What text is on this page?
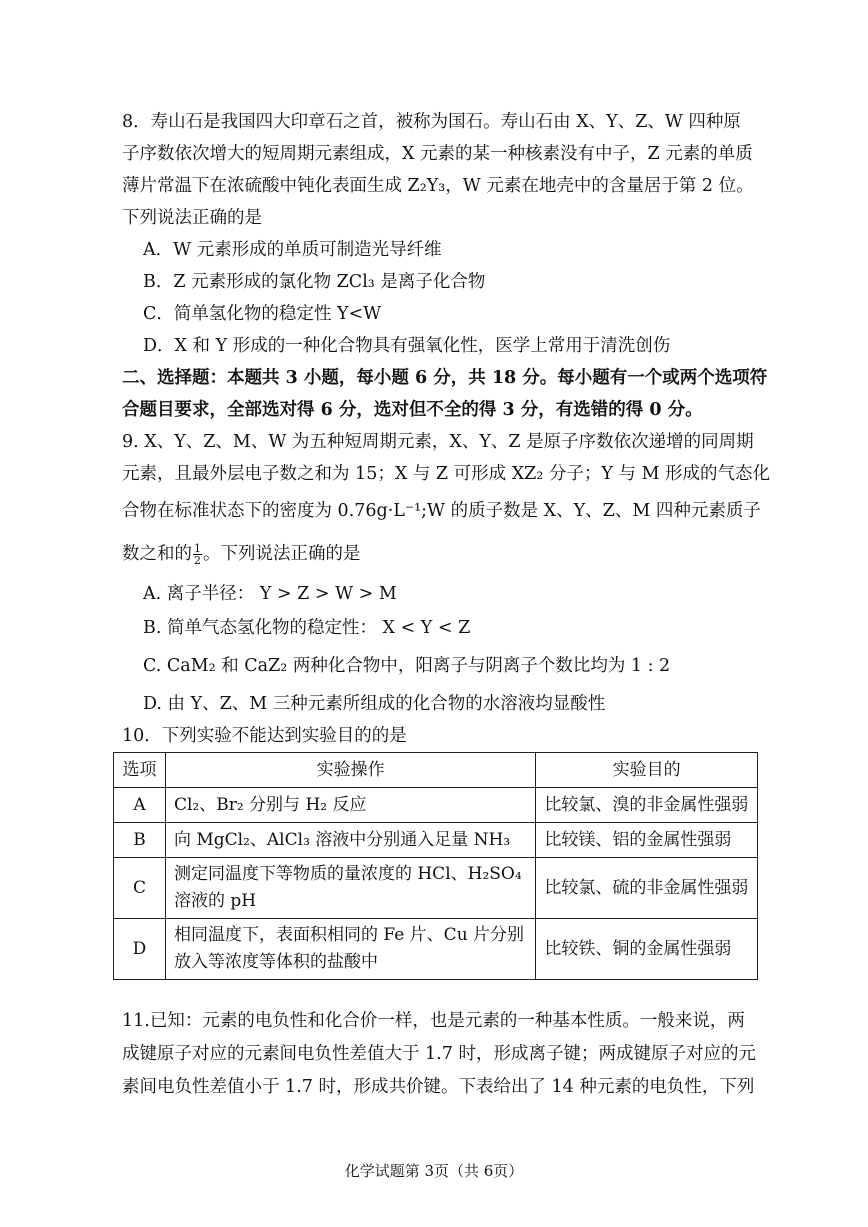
8．寿山石是我国四大印章石之首，被称为国石。寿山石由 X、Y、Z、W 四种原
子序数依次增大的短周期元素组成，X 元素的某一种核素没有中子，Z 元素的单质
薄片常温下在浓硫酸中钝化表面生成 Z₂Y₃，W 元素在地壳中的含量居于第 2 位。
下列说法正确的是
A．W 元素形成的单质可制造光导纤维
B．Z 元素形成的氯化物 ZCl₃ 是离子化合物
C．简单氢化物的稳定性 Y<W
D．X 和 Y 形成的一种化合物具有强氧化性，医学上常用于清洗创伤
二、选择题：本题共 3 小题，每小题 6 分，共 18 分。每小题有一个或两个选项符
合题目要求，全部选对得 6 分，选对但不全的得 3 分，有选错的得 0 分。
9. X、Y、Z、M、W 为五种短周期元素，X、Y、Z 是原子序数依次递增的同周期
元素，且最外层电子数之和为 15；X 与 Z 可形成 XZ₂ 分子；Y 与 M 形成的气态化
合物在标准状态下的密度为 0.76g·L⁻¹;W 的质子数是 X、Y、Z、M 四种元素质子
数之和的 $\frac{1}{2}$ 。下列说法正确的是
A. 离子半径： Y > Z > W > M
B. 简单气态氢化物的稳定性： X < Y < Z
C. CaM₂ 和 CaZ₂ 两种化合物中，阳离子与阴离子个数比均为 1 : 2
D. 由 Y、Z、M 三种元素所组成的化合物的水溶液均显酸性
10．下列实验不能达到实验目的的是
选项	实验操作	实验目的
A	Cl₂、Br₂ 分别与 H₂ 反应	比较氯、溴的非金属性强弱
B	向 MgCl₂、AlCl₃ 溶液中分别通入足量 NH₃	比较镁、铝的金属性强弱
C	测定同温度下等物质的量浓度的 HCl、H₂SO₄ 溶液的 pH	比较氯、硫的非金属性强弱
D	相同温度下，表面积相同的 Fe 片、Cu 片分别放入等浓度等体积的盐酸中	比较铁、铜的金属性强弱
11.已知：元素的电负性和化合价一样，也是元素的一种基本性质。一般来说，两
成键原子对应的元素间电负性差值大于 1.7 时，形成离子键；两成键原子对应的元
素间电负性差值小于 1.7 时，形成共价键。下表给出了 14 种元素的电负性，下列
化学试题第 3页（共 6页）
